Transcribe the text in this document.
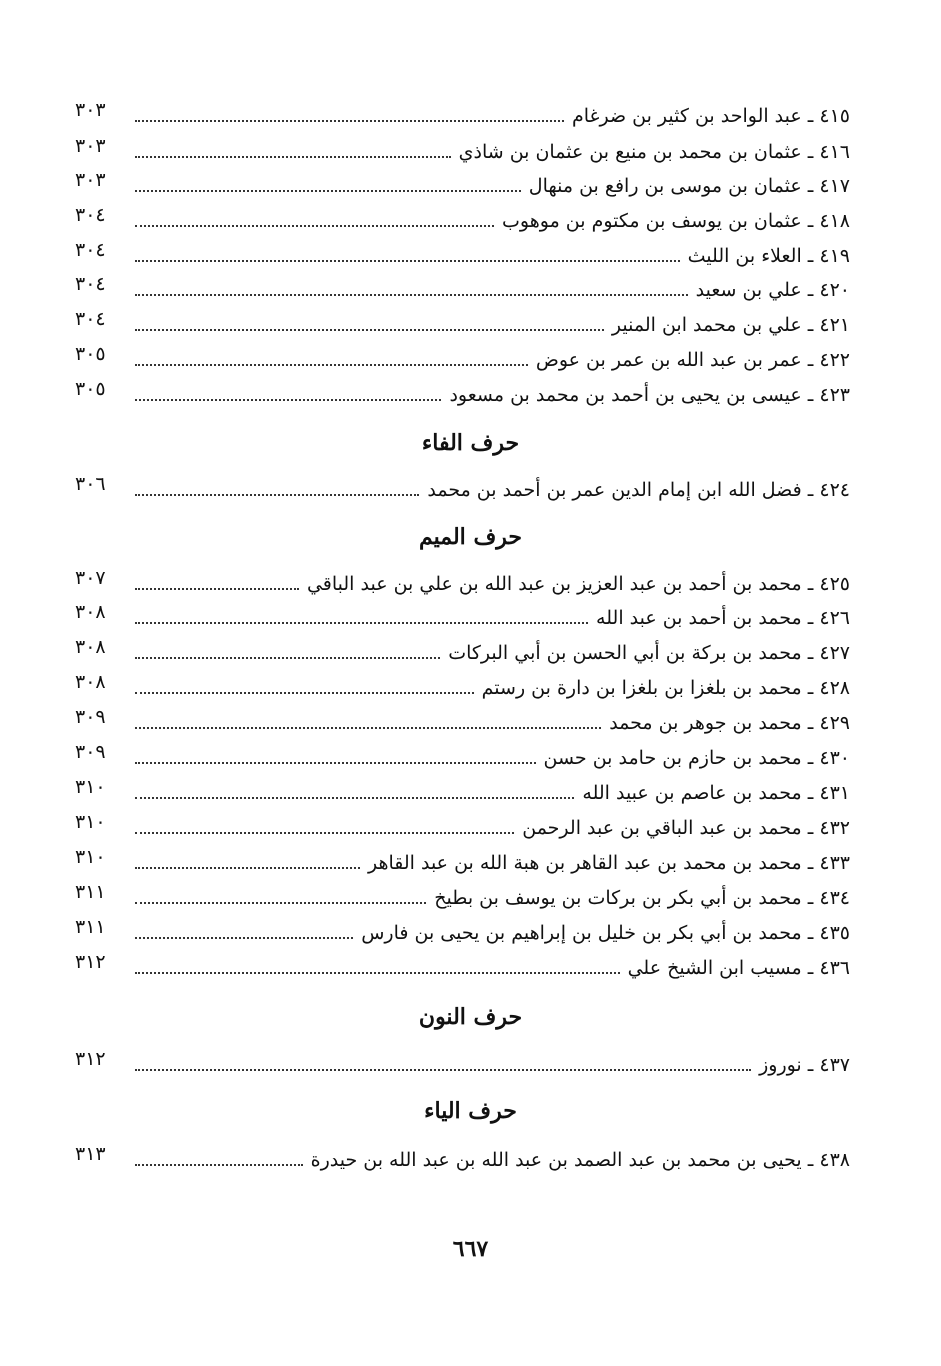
٤١٥ ـ عبد الواحد بن كثير بن ضرغام
٣٠٣
٤١٦ ـ عثمان بن محمد بن منيع بن عثمان بن شاذي
٣٠٣
٤١٧ ـ عثمان بن موسى بن رافع بن منهال
٣٠٣
٤١٨ ـ عثمان بن يوسف بن مكتوم بن موهوب
٣٠٤
٤١٩ ـ العلاء بن الليث
٣٠٤
٤٢٠ ـ علي بن سعيد
٣٠٤
٤٢١ ـ علي بن محمد ابن المنير
٣٠٤
٤٢٢ ـ عمر بن عبد الله بن عمر بن عوض
٣٠٥
٤٢٣ ـ عيسى بن يحيى بن أحمد بن محمد بن مسعود
٣٠٥
حرف الفاء
٤٢٤ ـ فضل الله ابن إمام الدين عمر بن أحمد بن محمد
٣٠٦
حرف الميم
٤٢٥ ـ محمد بن أحمد بن عبد العزيز بن عبد الله بن علي بن عبد الباقي
٣٠٧
٤٢٦ ـ محمد بن أحمد بن عبد الله
٣٠٨
٤٢٧ ـ محمد بن بركة بن أبي الحسن بن أبي البركات
٣٠٨
٤٢٨ ـ محمد بن بلغزا بن بلغزا بن دارة بن رستم
٣٠٨
٤٢٩ ـ محمد بن جوهر بن محمد
٣٠٩
٤٣٠ ـ محمد بن حازم بن حامد بن حسن
٣٠٩
٤٣١ ـ محمد بن عاصم بن عبيد الله
٣١٠
٤٣٢ ـ محمد بن عبد الباقي بن عبد الرحمن
٣١٠
٤٣٣ ـ محمد بن محمد بن عبد القاهر بن هبة الله بن عبد القاهر
٣١٠
٤٣٤ ـ محمد بن أبي بكر بن بركات بن يوسف بن بطيخ
٣١١
٤٣٥ ـ محمد بن أبي بكر بن خليل بن إبراهيم بن يحيى بن فارس
٣١١
٤٣٦ ـ مسيب ابن الشيخ علي
٣١٢
حرف النون
٤٣٧ ـ نوروز
٣١٢
حرف الياء
٤٣٨ ـ يحيى بن محمد بن عبد الصمد بن عبد الله بن عبد الله بن حيدرة
٣١٣
٦٦٧
